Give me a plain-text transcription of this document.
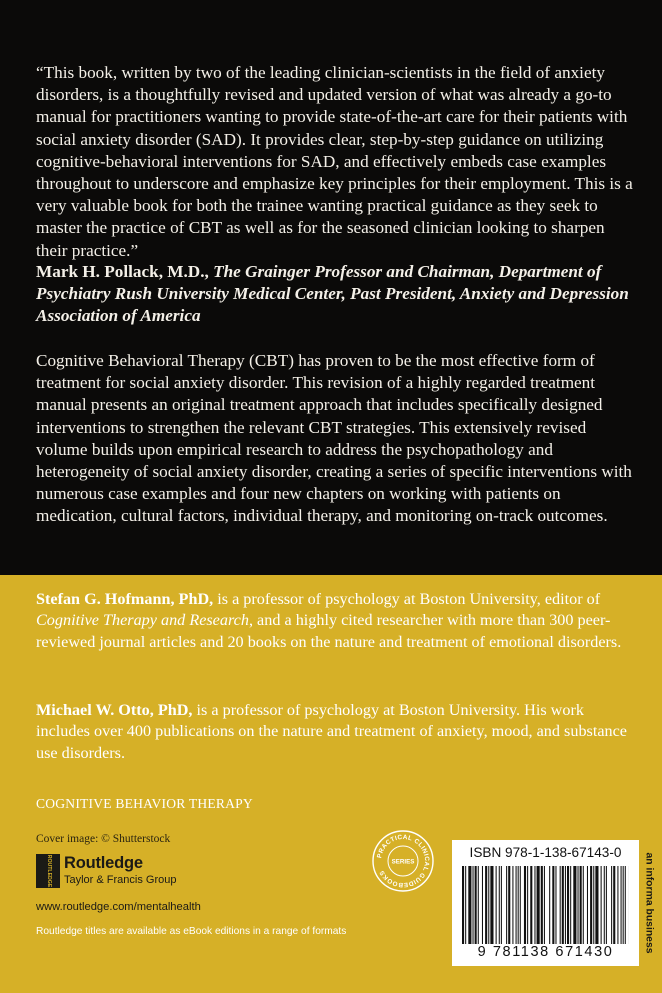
“This book, written by two of the leading clinician-scientists in the field of anxiety disorders, is a thoughtfully revised and updated version of what was already a go-to manual for practitioners wanting to provide state-of-the-art care for their patients with social anxiety disorder (SAD). It provides clear, step-by-step guidance on utilizing cognitive-behavioral interventions for SAD, and effectively embeds case examples throughout to underscore and emphasize key principles for their employment. This is a very valuable book for both the trainee wanting practical guidance as they seek to master the practice of CBT as well as for the seasoned clinician looking to sharpen their practice.”

Mark H. Pollack, M.D., The Grainger Professor and Chairman, Department of Psychiatry Rush University Medical Center, Past President, Anxiety and Depression Association of America

Cognitive Behavioral Therapy (CBT) has proven to be the most effective form of treatment for social anxiety disorder. This revision of a highly regarded treatment manual presents an original treatment approach that includes specifically designed interventions to strengthen the relevant CBT strategies. This extensively revised volume builds upon empirical research to address the psychopathology and heterogeneity of social anxiety disorder, creating a series of specific interventions with numerous case examples and four new chapters on working with patients on medication, cultural factors, individual therapy, and monitoring on-track outcomes.

Stefan G. Hofmann, PhD, is a professor of psychology at Boston University, editor of Cognitive Therapy and Research, and a highly cited researcher with more than 300 peer-reviewed journal articles and 20 books on the nature and treatment of emotional disorders.

Michael W. Otto, PhD, is a professor of psychology at Boston University. His work includes over 400 publications on the nature and treatment of anxiety, mood, and substance use disorders.

COGNITIVE BEHAVIOR THERAPY
Cover image: © Shutterstock
ROUTLEDGE Routledge
Taylor & Francis Group
www.routledge.com/mentalhealth
Routledge titles are available as eBook editions in a range of formats
PRACTICAL CLINICAL GUIDEBOOKS
SERIES
ISBN 978-1-138-67143-0
9 781138 671430	an informa business
